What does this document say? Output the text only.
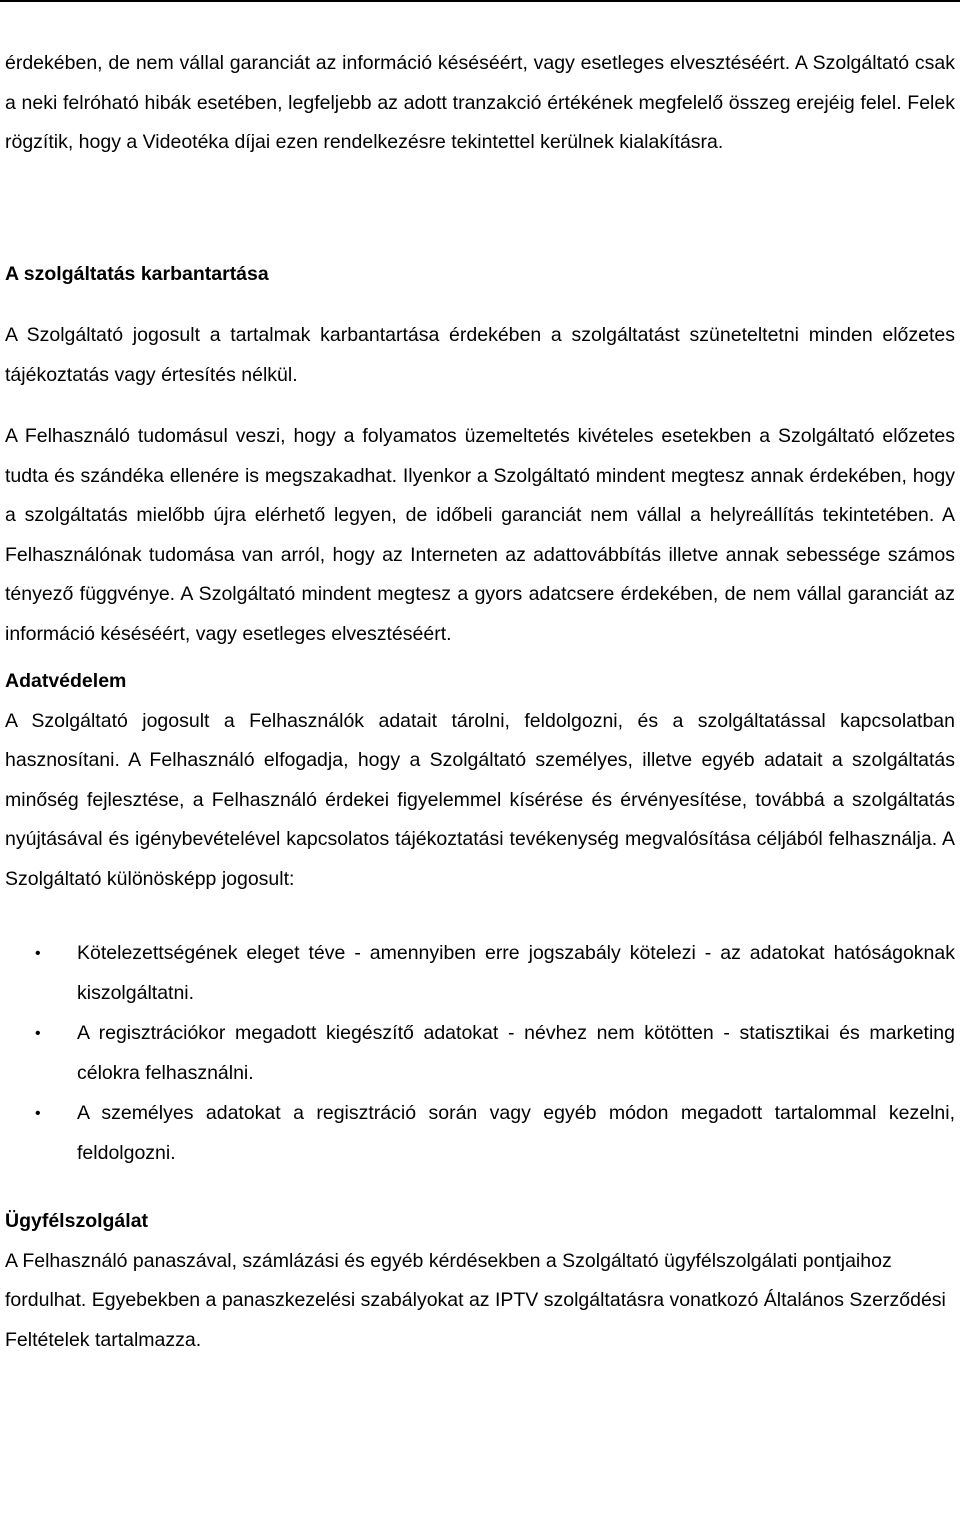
érdekében, de nem vállal garanciát az információ késéséért, vagy esetleges elvesztéséért. A Szolgáltató csak a neki felróható hibák esetében, legfeljebb az adott tranzakció értékének megfelelő összeg erejéig felel. Felek rögzítik, hogy a Videotéka díjai ezen rendelkezésre tekintettel kerülnek kialakításra.

A szolgáltatás karbantartása

A Szolgáltató jogosult a tartalmak karbantartása érdekében a szolgáltatást szüneteltetni minden előzetes tájékoztatás vagy értesítés nélkül.

A Felhasználó tudomásul veszi, hogy a folyamatos üzemeltetés kivételes esetekben a Szolgáltató előzetes tudta és szándéka ellenére is megszakadhat. Ilyenkor a Szolgáltató mindent megtesz annak érdekében, hogy a szolgáltatás mielőbb újra elérhető legyen, de időbeli garanciát nem vállal a helyreállítás tekintetében. A Felhasználónak tudomása van arról, hogy az Interneten az adattovábbítás illetve annak sebessége számos tényező függvénye. A Szolgáltató mindent megtesz a gyors adatcsere érdekében, de nem vállal garanciát az információ késéséért, vagy esetleges elvesztéséért.

Adatvédelem

A Szolgáltató jogosult a Felhasználók adatait tárolni, feldolgozni, és a szolgáltatással kapcsolatban hasznosítani. A Felhasználó elfogadja, hogy a Szolgáltató személyes, illetve egyéb adatait a szolgáltatás minőség fejlesztése, a Felhasználó érdekei figyelemmel kísérése és érvényesítése, továbbá a szolgáltatás nyújtásával és igénybevételével kapcsolatos tájékoztatási tevékenység megvalósítása céljából felhasználja. A Szolgáltató különösképp jogosult:

• Kötelezettségének eleget téve - amennyiben erre jogszabály kötelezi - az adatokat hatóságoknak kiszolgáltatni.
• A regisztrációkor megadott kiegészítő adatokat - névhez nem kötötten - statisztikai és marketing célokra felhasználni.
• A személyes adatokat a regisztráció során vagy egyéb módon megadott tartalommal kezelni, feldolgozni.
Ügyfélszolgálat

A Felhasználó panaszával, számlázási és egyéb kérdésekben a Szolgáltató ügyfélszolgálati pontjaihoz fordulhat. Egyebekben a panaszkezelési szabályokat az IPTV szolgáltatásra vonatkozó Általános Szerződési Feltételek tartalmazza.
